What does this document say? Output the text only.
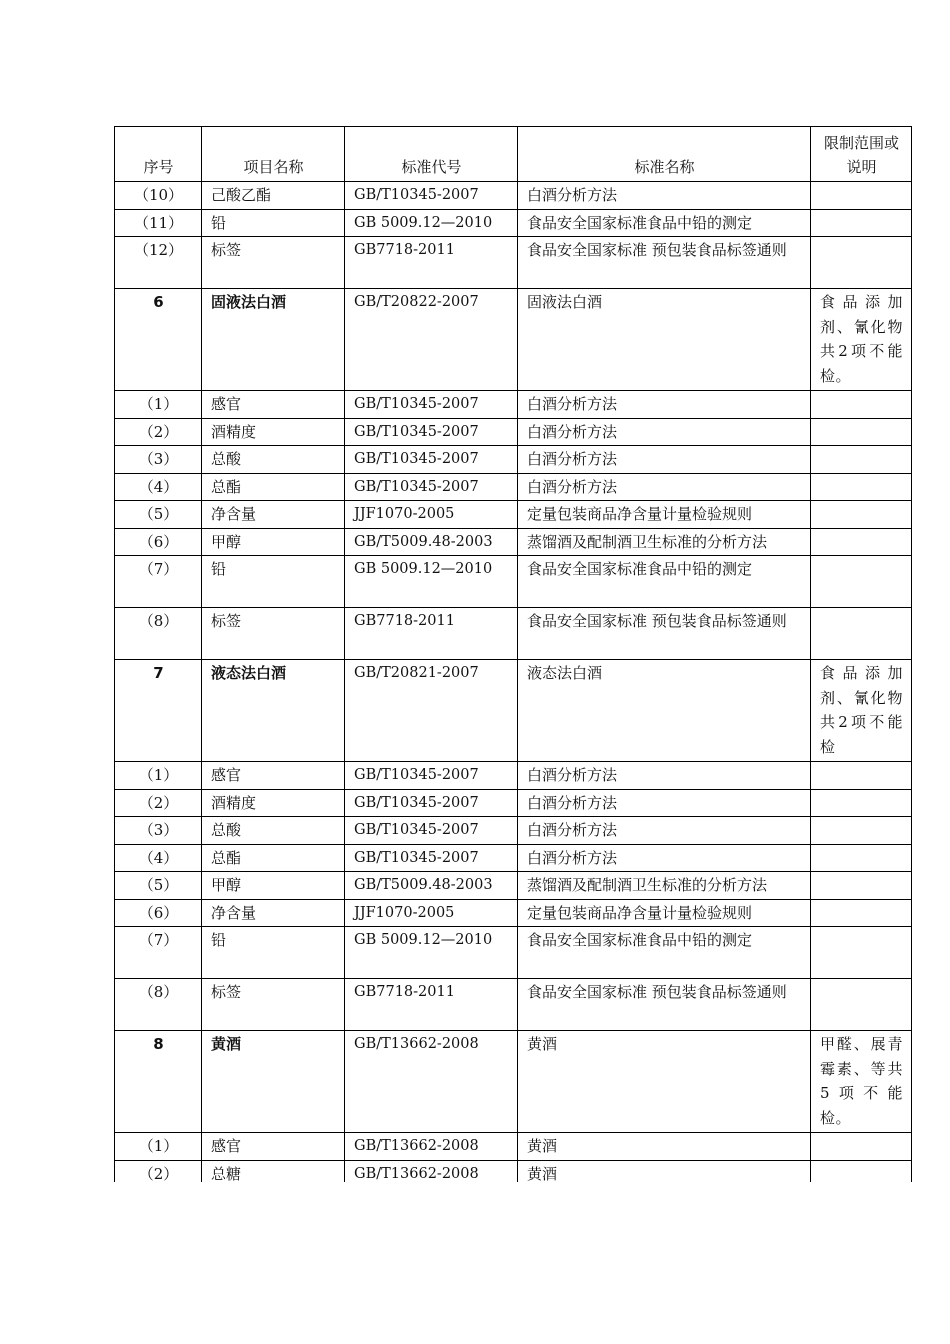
序号	项目名称	标准代号	标准名称	限制范围或说明
（10）	己酸乙酯	GB/T10345-2007	白酒分析方法	
（11）	铅	GB 5009.12—2010	食品安全国家标准食品中铅的测定	
（12）	标签	GB7718-2011	食品安全国家标准 预包装食品标签通则	
6	固液法白酒	GB/T20822-2007	固液法白酒	食品添加剂、氰化物共2项不能检。
（1）	感官	GB/T10345-2007	白酒分析方法	
（2）	酒精度	GB/T10345-2007	白酒分析方法	
（3）	总酸	GB/T10345-2007	白酒分析方法	
（4）	总酯	GB/T10345-2007	白酒分析方法	
（5）	净含量	JJF1070-2005	定量包装商品净含量计量检验规则	
（6）	甲醇	GB/T5009.48-2003	蒸馏酒及配制酒卫生标准的分析方法	
（7）	铅	GB 5009.12—2010	食品安全国家标准食品中铅的测定	
（8）	标签	GB7718-2011	食品安全国家标准 预包装食品标签通则	
7	液态法白酒	GB/T20821-2007	液态法白酒	食品添加剂、氰化物共2项不能检
（1）	感官	GB/T10345-2007	白酒分析方法	
（2）	酒精度	GB/T10345-2007	白酒分析方法	
（3）	总酸	GB/T10345-2007	白酒分析方法	
（4）	总酯	GB/T10345-2007	白酒分析方法	
（5）	甲醇	GB/T5009.48-2003	蒸馏酒及配制酒卫生标准的分析方法	
（6）	净含量	JJF1070-2005	定量包装商品净含量计量检验规则	
（7）	铅	GB 5009.12—2010	食品安全国家标准食品中铅的测定	
（8）	标签	GB7718-2011	食品安全国家标准 预包装食品标签通则	
8	黄酒	GB/T13662-2008	黄酒	甲醛、展青霉素、等共5项不能检。
（1）	感官	GB/T13662-2008	黄酒	
（2）	总糖	GB/T13662-2008	黄酒	
